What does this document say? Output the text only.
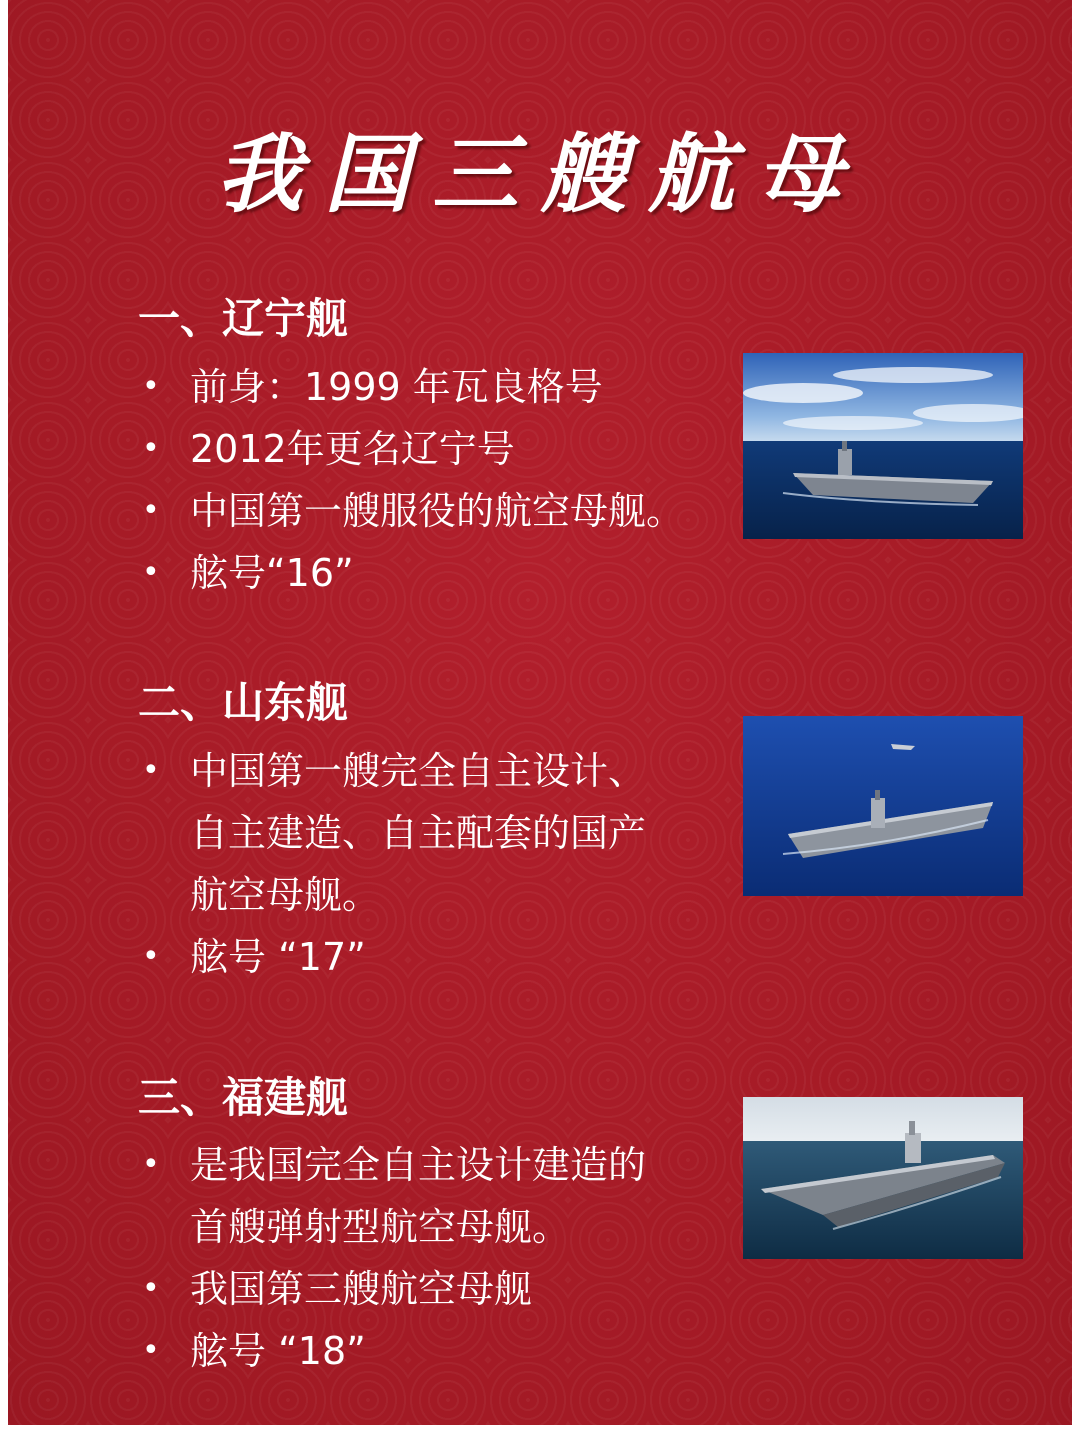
我国三艘航母
一、辽宁舰
• 前身：1999 年瓦良格号
• 2012年更名辽宁号
• 中国第一艘服役的航空母舰。
• 舷号“16”
二、山东舰
• 中国第一艘完全自主设计、
自主建造、自主配套的国产
航空母舰。
• 舷号 “17”
三、福建舰
• 是我国完全自主设计建造的
首艘弹射型航空母舰。
• 我国第三艘航空母舰
• 舷号 “18”
